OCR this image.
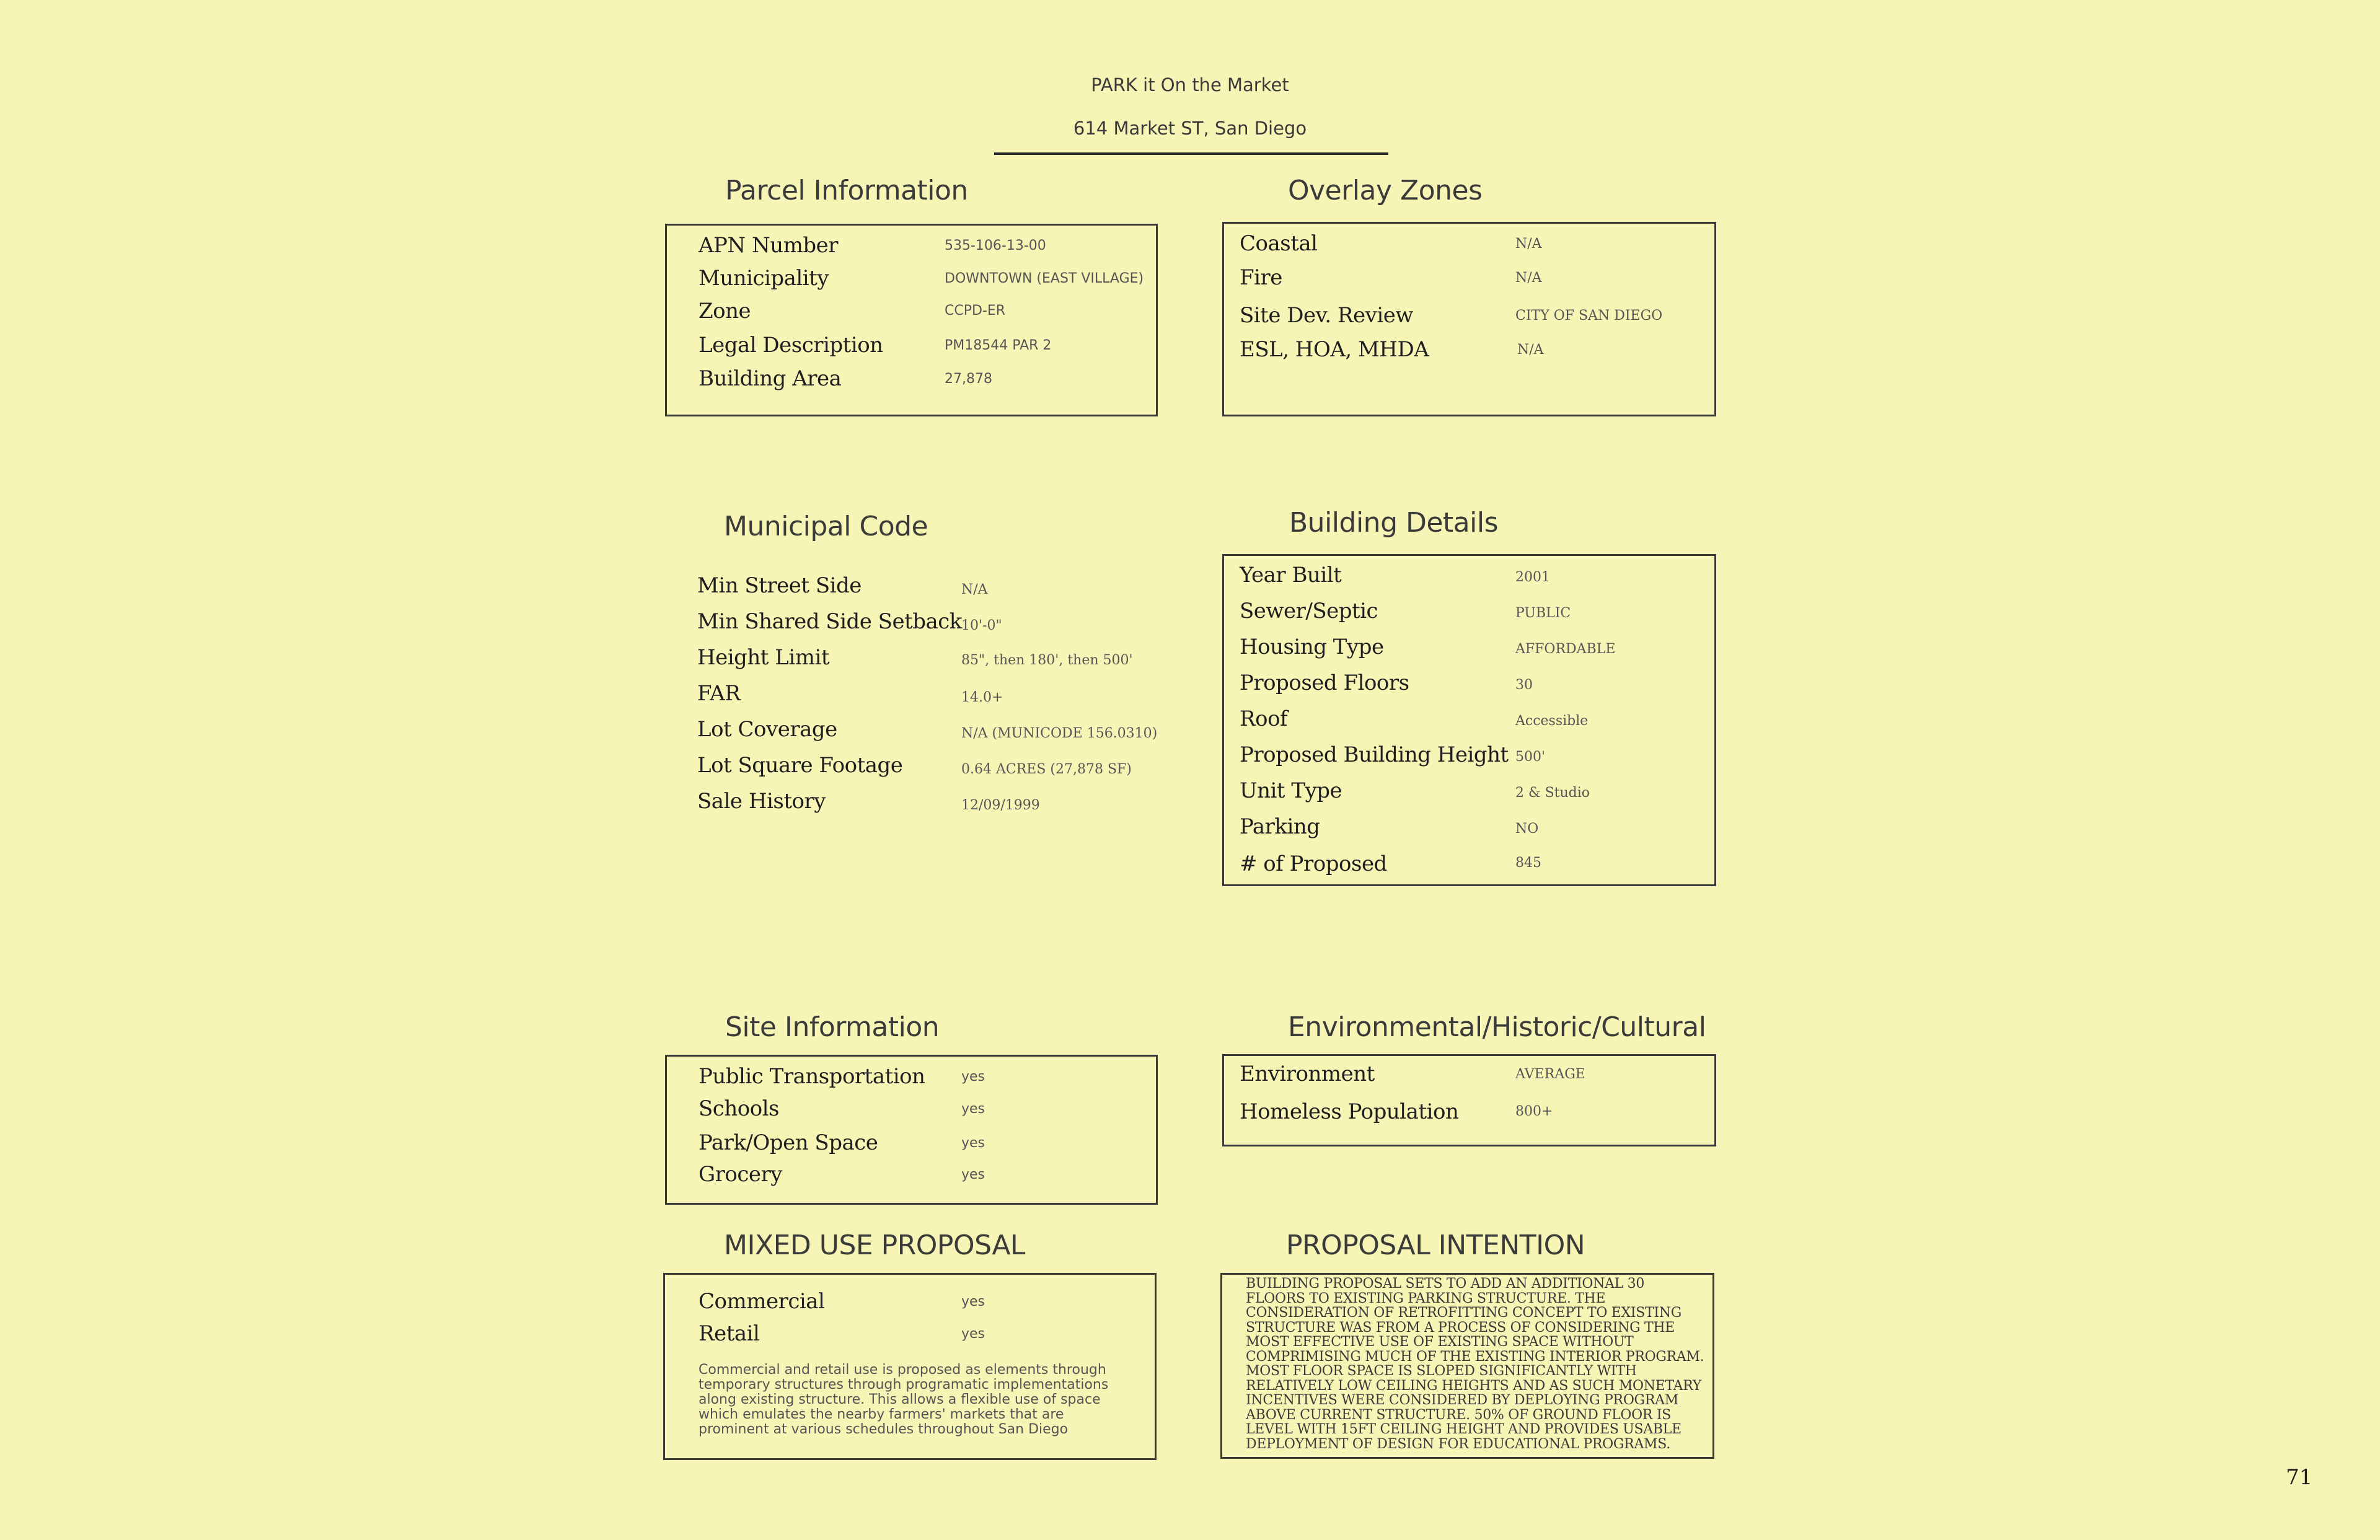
PARK it On the Market
614 Market ST, San Diego
Parcel Information
APN Number	535-106-13-00
Municipality	DOWNTOWN (EAST VILLAGE)
Zone	CCPD-ER
Legal Description	PM18544 PAR 2
Building Area	27,878
Overlay Zones
Coastal	N/A
Fire	N/A
Site Dev. Review	CITY OF SAN DIEGO
ESL, HOA, MHDA	N/A
Municipal Code
Min Street Side	N/A
Min Shared Side Setback 10'-0"
Height Limit	85", then 180', then 500'
FAR	14.0+
Lot Coverage	N/A (MUNICODE 156.0310)
Lot Square Footage	0.64 ACRES (27,878 SF)
Sale History	12/09/1999
Building Details
Year Built	2001
Sewer/Septic	PUBLIC
Housing Type	AFFORDABLE
Proposed Floors	30
Roof	Accessible
Proposed Building Height 500'
Unit Type	2 & Studio
Parking	NO
# of Proposed	845
Site Information
Public Transportation	yes
Schools	yes
Park/Open Space	yes
Grocery	yes
Environmental/Historic/Cultural
Environment	AVERAGE
Homeless Population	800+
MIXED USE PROPOSAL
Commercial	yes
Retail	yes
Commercial and retail use is proposed as elements through
temporary structures through programatic implementations
along existing structure. This allows a flexible use of space
which emulates the nearby farmers' markets that are
prominent at various schedules throughout San Diego
PROPOSAL INTENTION
BUILDING PROPOSAL SETS TO ADD AN ADDITIONAL 30
FLOORS TO EXISTING PARKING STRUCTURE. THE
CONSIDERATION OF RETROFITTING CONCEPT TO EXISTING
STRUCTURE WAS FROM A PROCESS OF CONSIDERING THE
MOST EFFECTIVE USE OF EXISTING SPACE WITHOUT
COMPRIMISING MUCH OF THE EXISTING INTERIOR PROGRAM.
MOST FLOOR SPACE IS SLOPED SIGNIFICANTLY WITH
RELATIVELY LOW CEILING HEIGHTS AND AS SUCH MONETARY
INCENTIVES WERE CONSIDERED BY DEPLOYING PROGRAM
ABOVE CURRENT STRUCTURE. 50% OF GROUND FLOOR IS
LEVEL WITH 15FT CEILING HEIGHT AND PROVIDES USABLE
DEPLOYMENT OF DESIGN FOR EDUCATIONAL PROGRAMS.
71
